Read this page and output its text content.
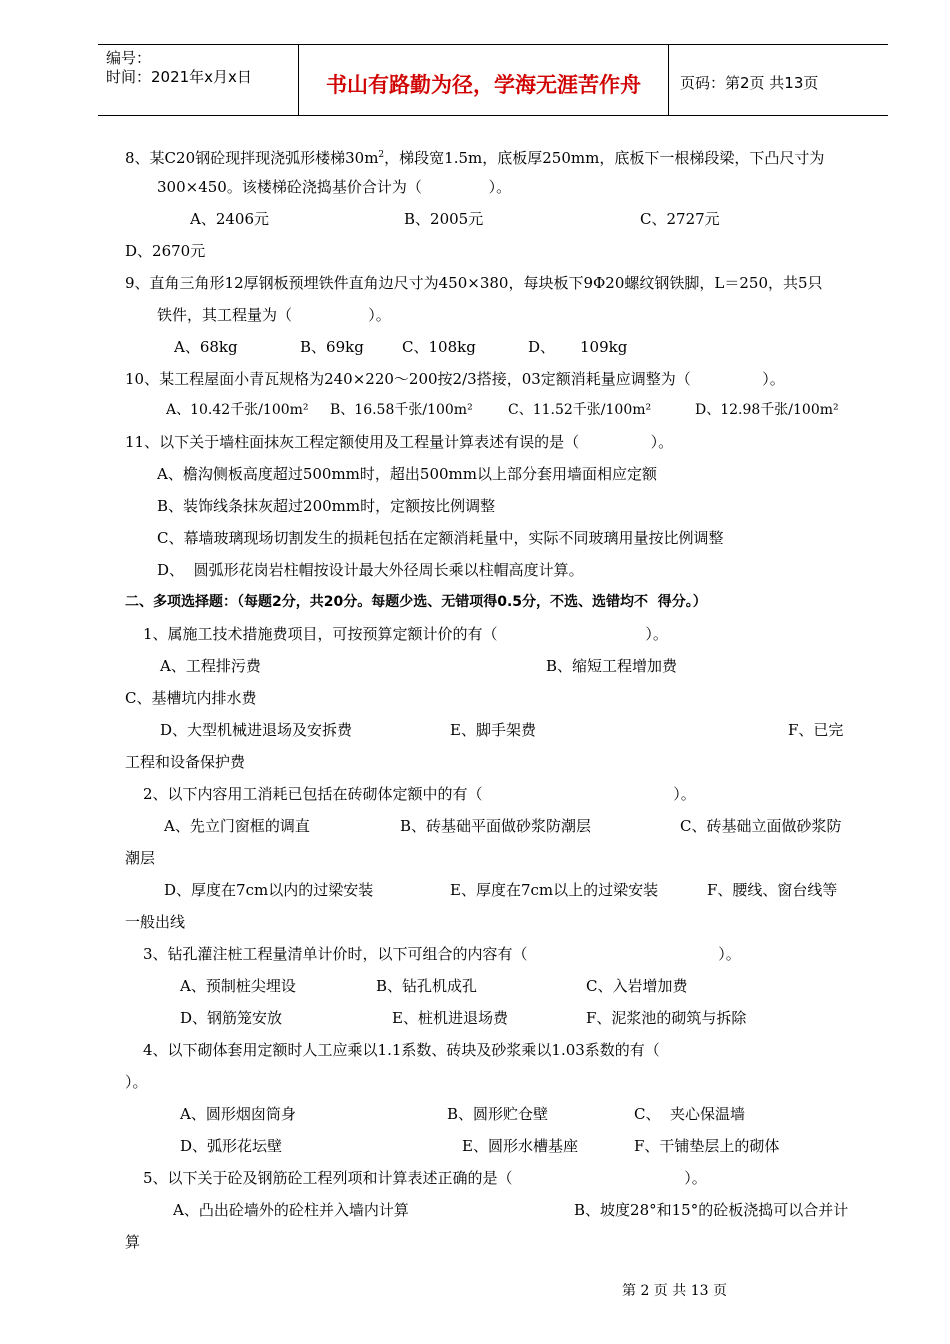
编号：
时间：2021年x月x日	书山有路勤为径，学海无涯苦作舟	页码：第2页 共13页
8、某C20钢砼现拌现浇弧形楼梯$30m^2$，梯段宽1.5m，底板厚250mm，底板下一根梯段梁，下凸尺寸为
300×450。该楼梯砼浇捣基价合计为（              ）。
A、2406元	B、2005元	C、2727元
D、2670元
9、直角三角形12厚钢板预埋铁件直角边尺寸为450×380，每块板下9Φ20螺纹钢铁脚，L＝250，共5只
铁件，其工程量为（                ）。
A、68kg	B、69kg	C、108kg	D、 109kg
10、某工程屋面小青瓦规格为240×220～200按2/3搭接，03定额消耗量应调整为（               ）。
A、10.42千张/100m² B、16.58千张/100m²	C、11.52千张/100m²	D、12.98千张/100m²
11、以下关于墙柱面抹灰工程定额使用及工程量计算表述有误的是（               ）。
A、檐沟侧板高度超过500mm时，超出500mm以上部分套用墙面相应定额
B、装饰线条抹灰超过200mm时，定额按比例调整
C、幕墙玻璃现场切割发生的损耗包括在定额消耗量中，实际不同玻璃用量按比例调整
D、  圆弧形花岗岩柱帽按设计最大外径周长乘以柱帽高度计算。
二、多项选择题：（每题2分，共20分。每题少选、无错项得0.5分，不选、选错均不  得分。）
1、属施工技术措施费项目，可按预算定额计价的有（                               ）。
A、工程排污费	B、缩短工程增加费
C、基槽坑内排水费
D、大型机械进退场及安拆费	E、脚手架费	F、已完
工程和设备保护费
2、以下内容用工消耗已包括在砖砌体定额中的有（                                        ）。
A、先立门窗框的调直	B、砖基础平面做砂浆防潮层	C、砖基础立面做砂浆防
潮层
D、厚度在7cm以内的过梁安装	E、厚度在7cm以上的过梁安装	F、腰线、窗台线等
一般出线
3、钻孔灌注桩工程量清单计价时，以下可组合的内容有（                                        ）。
A、预制桩尖埋设	B、钻孔机成孔	C、入岩增加费
D、钢筋笼安放	E、桩机进退场费	F、泥浆池的砌筑与拆除
4、以下砌体套用定额时人工应乘以1.1系数、砖块及砂浆乘以1.03系数的有（
）。
A、圆形烟囱筒身	B、圆形贮仓壁	C、  夹心保温墙
D、弧形花坛壁	E、圆形水槽基座	F、干铺垫层上的砌体
5、以下关于砼及钢筋砼工程列项和计算表述正确的是（                                    ）。
A、凸出砼墙外的砼柱并入墙内计算	B、坡度28°和15°的砼板浇捣可以合并计
算
第 2 页 共 13 页
